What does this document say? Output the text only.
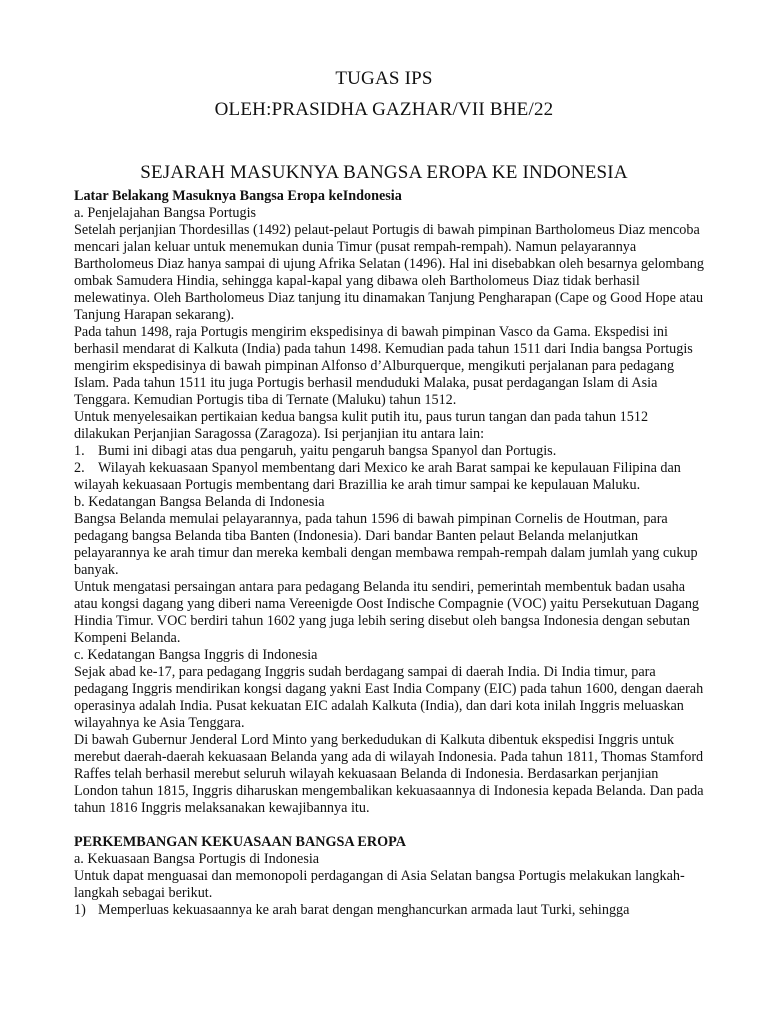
TUGAS IPS
OLEH:PRASIDHA GAZHAR/VII BHE/22
SEJARAH MASUKNYA BANGSA EROPA KE INDONESIA

Latar Belakang Masuknya Bangsa Eropa keIndonesia

a. Penjelajahan Bangsa Portugis

Setelah perjanjian Thordesillas (1492) pelaut-pelaut Portugis di bawah pimpinan Bartholomeus Diaz mencoba mencari jalan keluar untuk menemukan dunia Timur (pusat rempah-rempah). Namun pelayarannya Bartholomeus Diaz hanya sampai di ujung Afrika Selatan (1496). Hal ini disebabkan oleh besarnya gelombang ombak Samudera Hindia, sehingga kapal-kapal yang dibawa oleh Bartholomeus Diaz tidak berhasil melewatinya. Oleh Bartholomeus Diaz tanjung itu dinamakan Tanjung Pengharapan (Cape og Good Hope atau Tanjung Harapan sekarang).

Pada tahun 1498, raja Portugis mengirim ekspedisinya di bawah pimpinan Vasco da Gama. Ekspedisi ini berhasil mendarat di Kalkuta (India) pada tahun 1498. Kemudian pada tahun 1511 dari India bangsa Portugis mengirim ekspedisinya di bawah pimpinan Alfonso d’Alburquerque, mengikuti perjalanan para pedagang Islam. Pada tahun 1511 itu juga Portugis berhasil menduduki Malaka, pusat perdagangan Islam di Asia Tenggara. Kemudian Portugis tiba di Ternate (Maluku) tahun 1512.

Untuk menyelesaikan pertikaian kedua bangsa kulit putih itu, paus turun tangan dan pada tahun 1512 dilakukan Perjanjian Saragossa (Zaragoza). Isi perjanjian itu antara lain:

1. Bumi ini dibagi atas dua pengaruh, yaitu pengaruh bangsa Spanyol dan Portugis.

2. Wilayah kekuasaan Spanyol membentang dari Mexico ke arah Barat sampai ke kepulauan Filipina dan wilayah kekuasaan Portugis membentang dari Brazillia ke arah timur sampai ke kepulauan Maluku.

b. Kedatangan Bangsa Belanda di Indonesia

Bangsa Belanda memulai pelayarannya, pada tahun 1596 di bawah pimpinan Cornelis de Houtman, para pedagang bangsa Belanda tiba Banten (Indonesia). Dari bandar Banten pelaut Belanda melanjutkan pelayarannya ke arah timur dan mereka kembali dengan membawa rempah-rempah dalam jumlah yang cukup banyak.

Untuk mengatasi persaingan antara para pedagang Belanda itu sendiri, pemerintah membentuk badan usaha atau kongsi dagang yang diberi nama Vereenigde Oost Indische Compagnie (VOC) yaitu Persekutuan Dagang Hindia Timur. VOC berdiri tahun 1602 yang juga lebih sering disebut oleh bangsa Indonesia dengan sebutan Kompeni Belanda.

c. Kedatangan Bangsa Inggris di Indonesia

Sejak abad ke-17, para pedagang Inggris sudah berdagang sampai di daerah India. Di India timur, para pedagang Inggris mendirikan kongsi dagang yakni East India Company (EIC) pada tahun 1600, dengan daerah operasinya adalah India. Pusat kekuatan EIC adalah Kalkuta (India), dan dari kota inilah Inggris meluaskan wilayahnya ke Asia Tenggara.

Di bawah Gubernur Jenderal Lord Minto yang berkedudukan di Kalkuta dibentuk ekspedisi Inggris untuk merebut daerah-daerah kekuasaan Belanda yang ada di wilayah Indonesia. Pada tahun 1811, Thomas Stamford Raffes telah berhasil merebut seluruh wilayah kekuasaan Belanda di Indonesia. Berdasarkan perjanjian London tahun 1815, Inggris diharuskan mengembalikan kekuasaannya di Indonesia kepada Belanda. Dan pada tahun 1816 Inggris melaksanakan kewajibannya itu.

PERKEMBANGAN KEKUASAAN BANGSA EROPA

a. Kekuasaan Bangsa Portugis di Indonesia

Untuk dapat menguasai dan memonopoli perdagangan di Asia Selatan bangsa Portugis melakukan langkah-langkah sebagai berikut.

1) Memperluas kekuasaannya ke arah barat dengan menghancurkan armada laut Turki, sehingga
